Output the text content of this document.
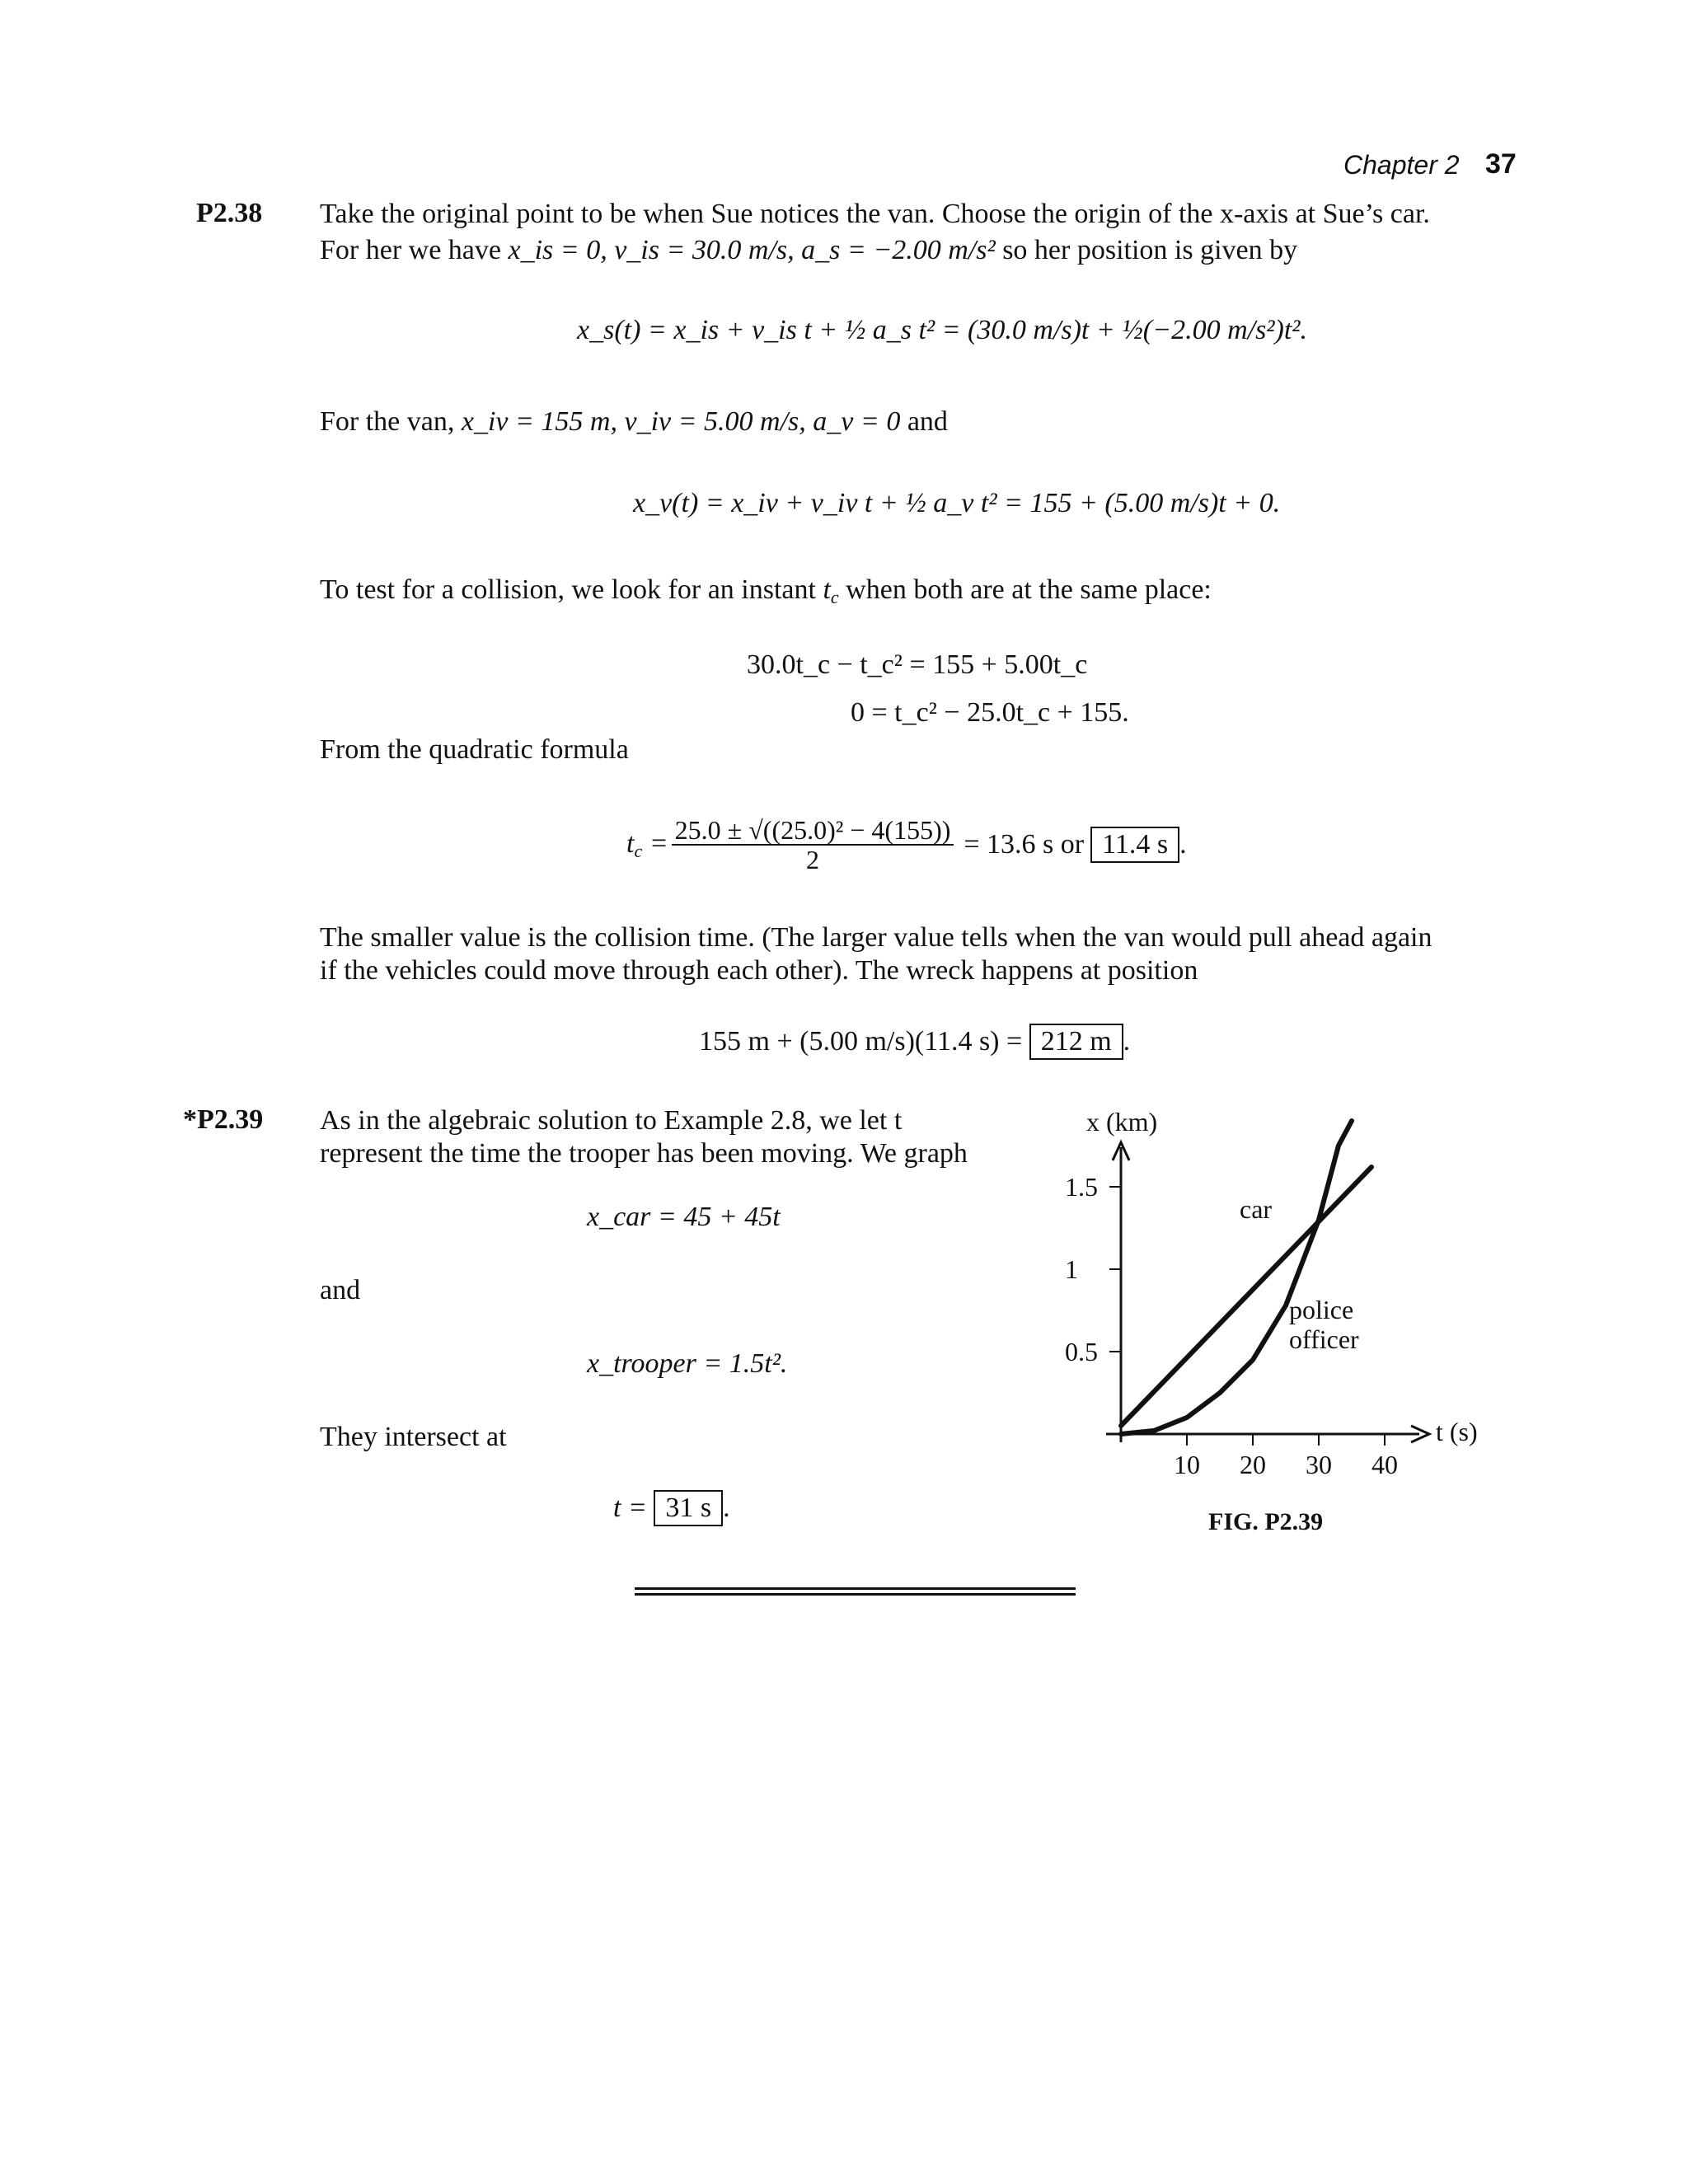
Chapter 2 37
P2.38 Take the original point to be when Sue notices the van. Choose the origin of the x-axis at Sue’s car.
For her we have x_is = 0, v_is = 30.0 m/s, a_s = −2.00 m/s² so her position is given by
x_s(t) = x_is + v_is t + ½ a_s t² = (30.0 m/s)t + ½(−2.00 m/s²)t².
For the van, x_iv = 155 m, v_iv = 5.00 m/s, a_v = 0 and
x_v(t) = x_iv + v_iv t + ½ a_v t² = 155 + (5.00 m/s)t + 0.
To test for a collision, we look for an instant $t_c$ when both are at the same place:
30.0t_c − t_c² = 155 + 5.00t_c
0 = t_c² − 25.0t_c + 155.
From the quadratic formula
$t_c = \frac{\text{25.0 ± √((25.0)² − 4(155))}}{2} = 13.6$ s or 11.4 s .
The smaller value is the collision time. (The larger value tells when the van would pull ahead again
if the vehicles could move through each other). The wreck happens at position
155 m + (5.00 m/s)(11.4 s) = 212 m .
*P2.39 As in the algebraic solution to Example 2.8, we let t
represent the time the trooper has been moving. We graph
x_car = 45 + 45t
and
x_trooper = 1.5t².
They intersect at
t = 31 s .
10 20 30 40
0.5
1
1.5
x (km)
t (s)
car
police
officer
FIG. P2.39
